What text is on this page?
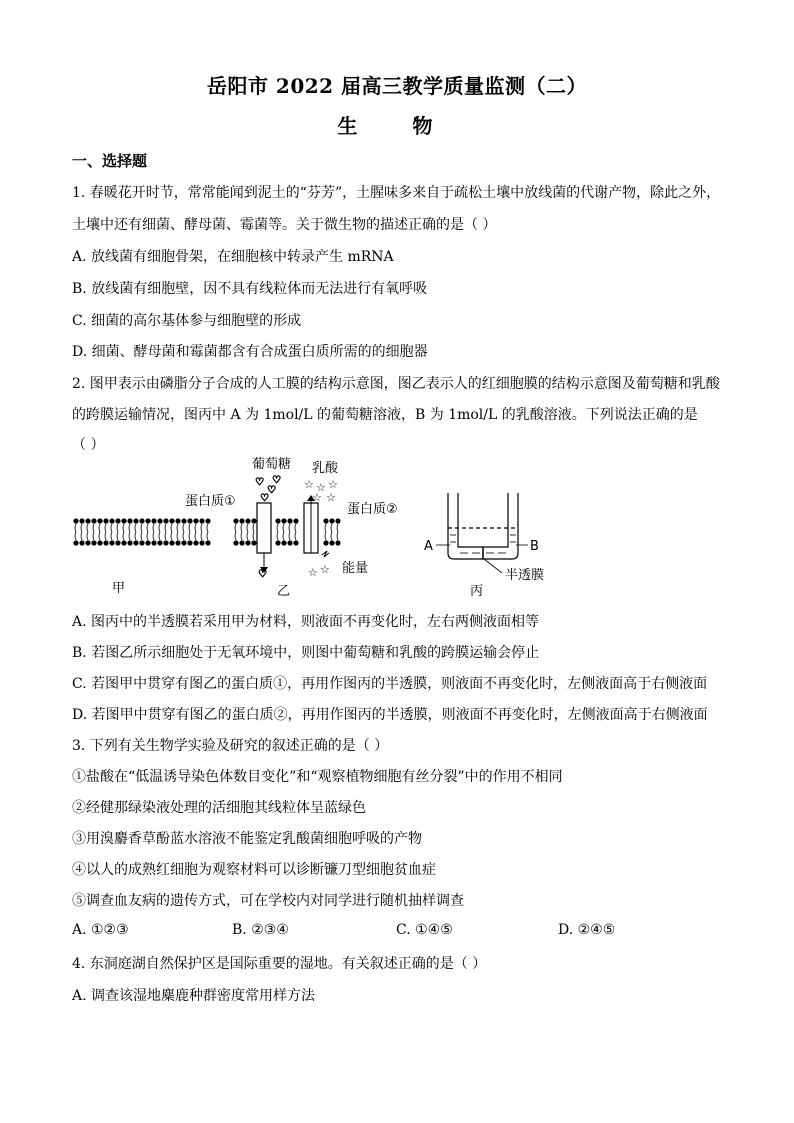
岳阳市 2022 届高三教学质量监测（二）
生 物
一、选择题
1. 春暖花开时节，常常能闻到泥土的“芬芳”，土腥味多来自于疏松土壤中放线菌的代谢产物，除此之外，
土壤中还有细菌、酵母菌、霉菌等。关于微生物的描述正确的是（ ）
A. 放线菌有细胞骨架，在细胞核中转录产生 mRNA
B. 放线菌有细胞壁，因不具有线粒体而无法进行有氧呼吸
C. 细菌的高尔基体参与细胞壁的形成
D. 细菌、酵母菌和霉菌都含有合成蛋白质所需的的细胞器
2. 图甲表示由磷脂分子合成的人工膜的结构示意图，图乙表示人的红细胞膜的结构示意图及葡萄糖和乳酸
的跨膜运输情况，图丙中 A 为 1mol/L 的葡萄糖溶液，B 为 1mol/L 的乳酸溶液。下列说法正确的是
（ ）
甲
葡萄糖 乳酸
蛋白质①
蛋白质②
能量
乙
♡
♡
♡
♡
♡
☆ ☆ ☆
☆ ☆
☆ ☆
A	B
半透膜
丙
A. 图丙中的半透膜若采用甲为材料，则液面不再变化时，左右两侧液面相等
B. 若图乙所示细胞处于无氧环境中，则图中葡萄糖和乳酸的跨膜运输会停止
C. 若图甲中贯穿有图乙的蛋白质①，再用作图丙的半透膜，则液面不再变化时，左侧液面高于右侧液面
D. 若图甲中贯穿有图乙的蛋白质②，再用作图丙的半透膜，则液面不再变化时，左侧液面高于右侧液面
3. 下列有关生物学实验及研究的叙述正确的是（ ）
①盐酸在“低温诱导染色体数目变化”和“观察植物细胞有丝分裂”中的作用不相同
②经健那绿染液处理的活细胞其线粒体呈蓝绿色
③用溴麝香草酚蓝水溶液不能鉴定乳酸菌细胞呼吸的产物
④以人的成熟红细胞为观察材料可以诊断镰刀型细胞贫血症
⑤调查血友病的遗传方式，可在学校内对同学进行随机抽样调查
A. ①②③	B. ②③④	C. ①④⑤	D. ②④⑤
4. 东洞庭湖自然保护区是国际重要的湿地。有关叙述正确的是（ ）
A. 调查该湿地麋鹿种群密度常用样方法
